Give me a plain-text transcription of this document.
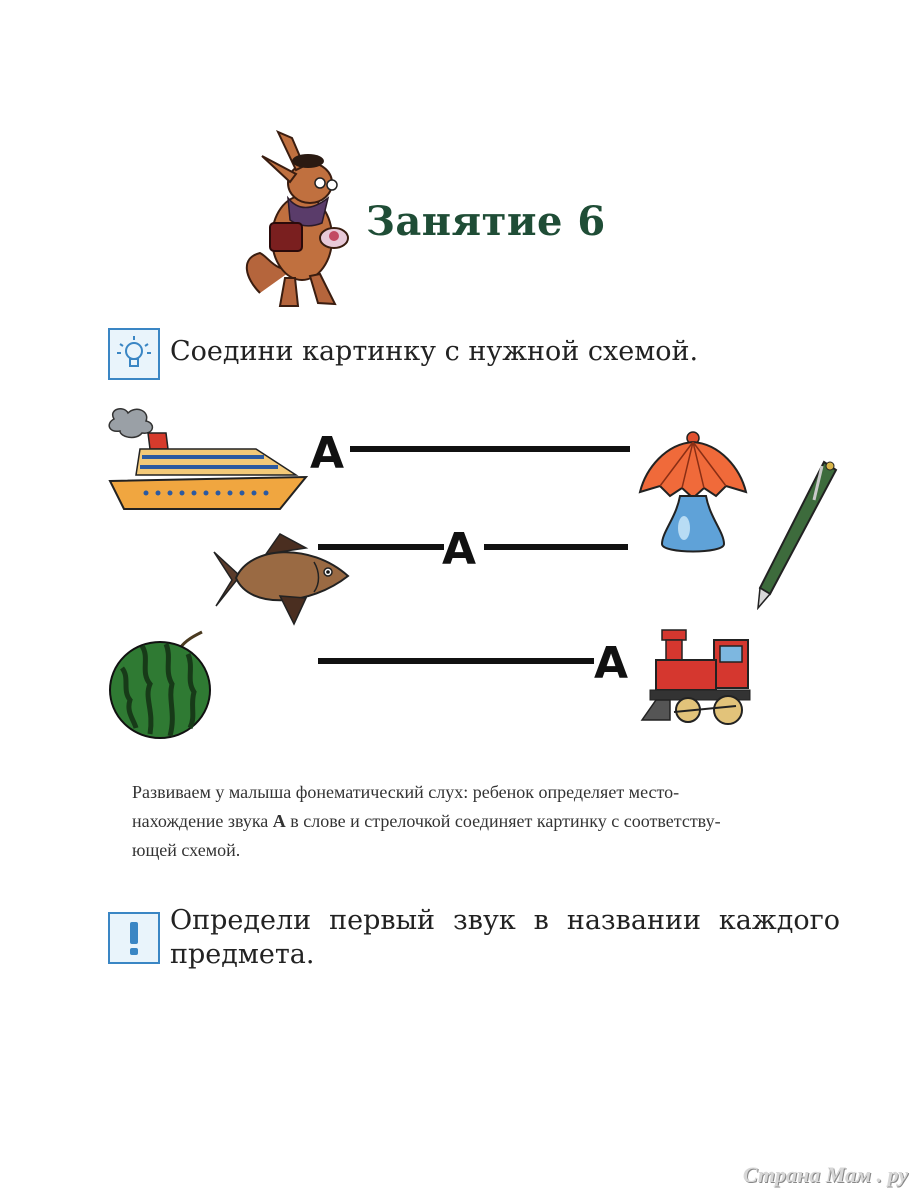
Занятие 6
Соедини картинку с нужной схемой.
А
А
А
Развиваем у малыша фонематический слух: ребенок определяет место-
нахождение звука А в слове и стрелочкой соединяет картинку с соответству-
ющей схемой.
Определи первый звук в названии каждого
предмета.
Страна Мам . ру
